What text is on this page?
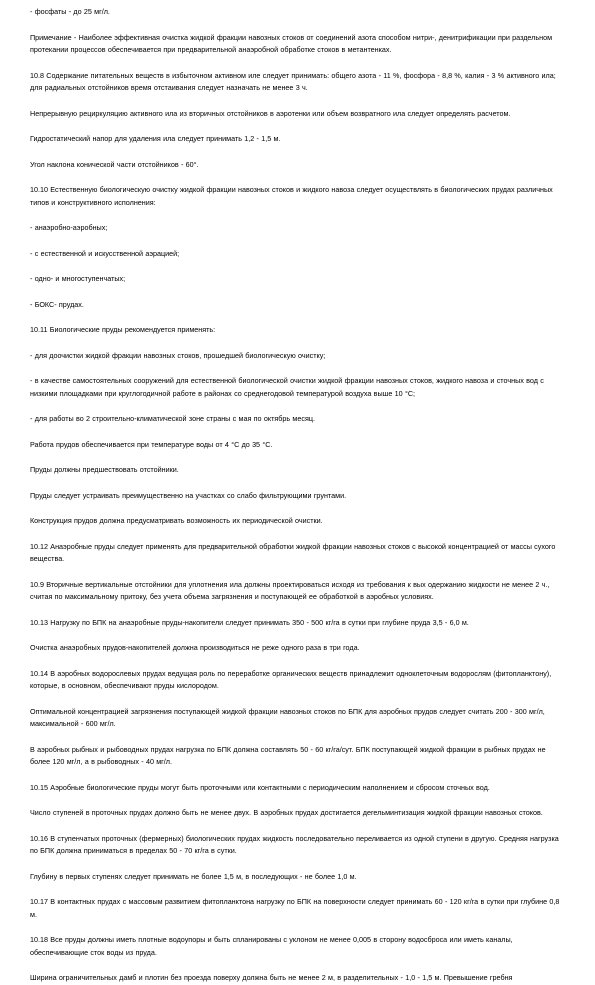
- фосфаты - до 25 мг/л.

Примечание - Наиболее эффективная очистка жидкой фракции навозных стоков от соединений азота способом нитри-, денитрификации при раздельном протекании процессов обеспечивается при предварительной анаэробной обработке стоков в метантенках.

10.8 Содержание питательных веществ в избыточном активном иле следует принимать: общего азота - 11 %, фосфора - 8,8 %, калия - 3 % активного ила; для радиальных отстойников время отстаивания следует назначать не менее 3 ч.

Непрерывную рециркуляцию активного ила из вторичных отстойников в аэротенки или объем возвратного ила следует определять расчетом.

Гидростатический напор для удаления ила следует принимать 1,2 - 1,5 м.

Угол наклона конической части отстойников - 60°.

10.10 Естественную биологическую очистку жидкой фракции навозных стоков и жидкого навоза следует осуществлять в биологических прудах различных типов и конструктивного исполнения:

- анаэробно-аэробных;

- с естественной и искусственной аэрацией;

- одно- и многоступенчатых;

- БОКС- прудах.

10.11 Биологические пруды рекомендуется применять:

- для доочистки жидкой фракции навозных стоков, прошедшей биологическую очистку;

- в качестве самостоятельных сооружений для естественной биологической очистки жидкой фракции навозных стоков, жидкого навоза и сточных вод с низкими площадками при круглогодичной работе в районах со среднегодовой температурой воздуха выше 10 °С;

- для работы во 2 строительно-климатической зоне страны с мая по октябрь месяц.

Работа прудов обеспечивается при температуре воды от 4 °С до 35 °С.

Пруды должны предшествовать отстойники.

Пруды следует устраивать преимущественно на участках со слабо фильтрующими грунтами.

Конструкция прудов должна предусматривать возможность их периодической очистки.

10.12 Анаэробные пруды следует применять для предварительной обработки жидкой фракции навозных стоков с высокой концентрацией от массы сухого вещества.

10.9 Вторичные вертикальные отстойники для уплотнения ила должны проектироваться исходя из требования к вых одержанию жидкости не менее 2 ч., считая по максимальному притоку, без учета объема загрязнения и поступающей ее обработкой в аэробных условиях.

10.13 Нагрузку по БПК на анаэробные пруды-накопители следует принимать 350 - 500 кг/га в сутки при глубине пруда 3,5 - 6,0 м.

Очистка анаэробных прудов-накопителей должна производиться не реже одного раза в три года.

10.14 В аэробных водорослевых прудах ведущая роль по переработке органических веществ принадлежит одноклеточным водорослям (фитопланктону), которые, в основном, обеспечивают пруды кислородом.

Оптимальной концентрацией загрязнения поступающей жидкой фракции навозных стоков по БПК для аэробных прудов следует считать 200 - 300 мг/л, максимальной - 600 мг/л.

В аэробных рыбных и рыбоводных прудах нагрузка по БПК должна составлять 50 - 60 кг/га/сут. БПК поступающей жидкой фракции в рыбных прудах не более 120 мг/л, а в рыбоводных - 40 мг/л.

10.15 Аэробные биологические пруды могут быть проточными или контактными с периодическим наполнением и сбросом сточных вод.

Число ступеней в проточных прудах должно быть не менее двух. В аэробных прудах достигается дегельминтизация жидкой фракции навозных стоков.

10.16 В ступенчатых проточных (фермерных) биологических прудах жидкость последовательно переливается из одной ступени в другую. Средняя нагрузка по БПК должна приниматься в пределах 50 - 70 кг/га в сутки.

Глубину в первых ступенях следует принимать не более 1,5 м, в последующих - не более 1,0 м.

10.17 В контактных прудах с массовым развитием фитопланктона нагрузку по БПК на поверхности следует принимать 60 - 120 кг/га в сутки при глубине 0,8 м.

10.18 Все пруды должны иметь плотные водоупоры и быть спланированы с уклоном не менее 0,005 в сторону водосброса или иметь каналы, обеспечивающие сток воды из пруда.

Ширина ограничительных дамб и плотин без проезда поверху должна быть не менее 2 м, в разделительных - 1,0 - 1,5 м. Превышение гребня
